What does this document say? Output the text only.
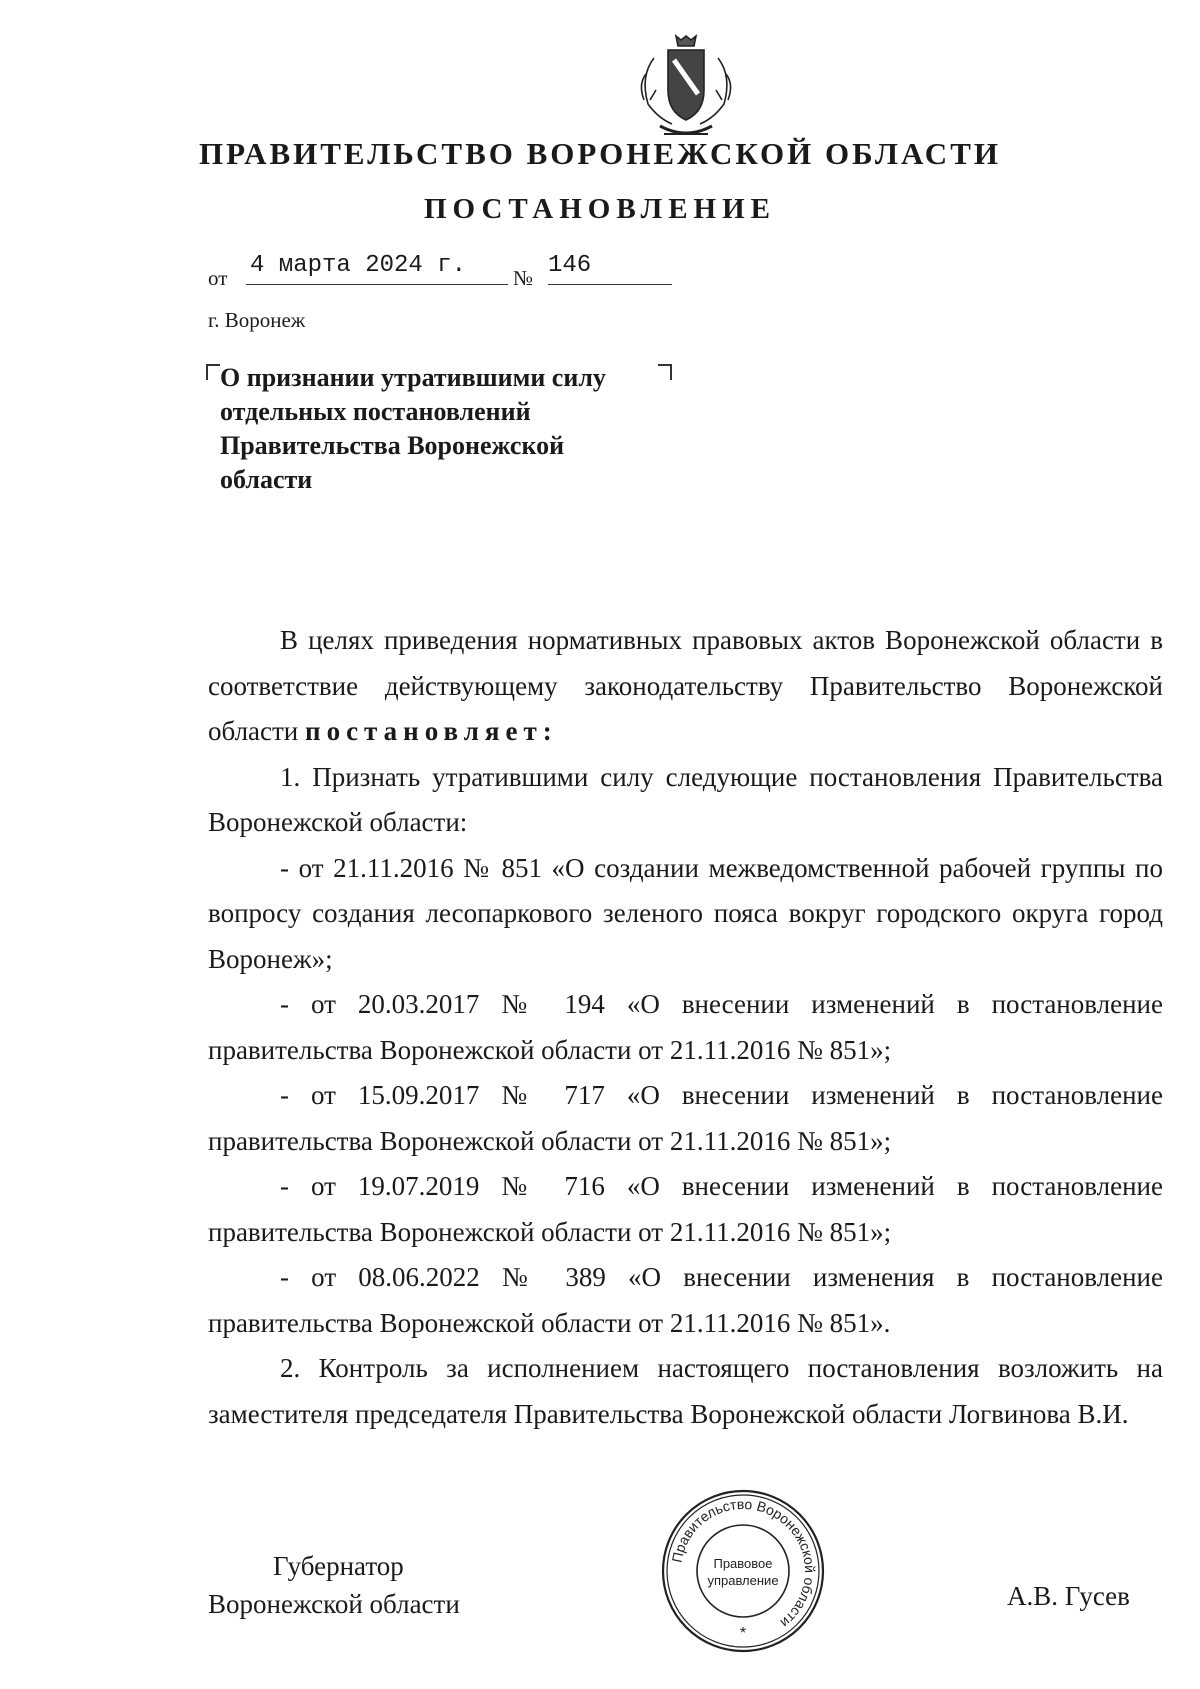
ПРАВИТЕЛЬСТВО ВОРОНЕЖСКОЙ ОБЛАСТИ
ПОСТАНОВЛЕНИЕ
от 4 марта 2024 г.	№ 146
г. Воронеж
О признании утратившими силу
отдельных постановлений
Правительства Воронежской
области

В целях приведения нормативных правовых актов Воронежской области в соответствие действующему законодательству Правительство Воронежской области постановляет:

1. Признать утратившими силу следующие постановления Правительства Воронежской области:

- от 21.11.2016 № 851 «О создании межведомственной рабочей группы по вопросу создания лесопаркового зеленого пояса вокруг городского округа город Воронеж»;

- от 20.03.2017 № 194 «О внесении изменений в постановление правительства Воронежской области от 21.11.2016 № 851»;

- от 15.09.2017 № 717 «О внесении изменений в постановление правительства Воронежской области от 21.11.2016 № 851»;

- от 19.07.2019 № 716 «О внесении изменений в постановление правительства Воронежской области от 21.11.2016 № 851»;

- от 08.06.2022 № 389 «О внесении изменения в постановление правительства Воронежской области от 21.11.2016 № 851».

2. Контроль за исполнением настоящего постановления возложить на заместителя председателя Правительства Воронежской области Логвинова В.И.

Губернатор
Воронежской области	А.В. Гусев
Правительство Воронежской области
Правовое
управление
*
